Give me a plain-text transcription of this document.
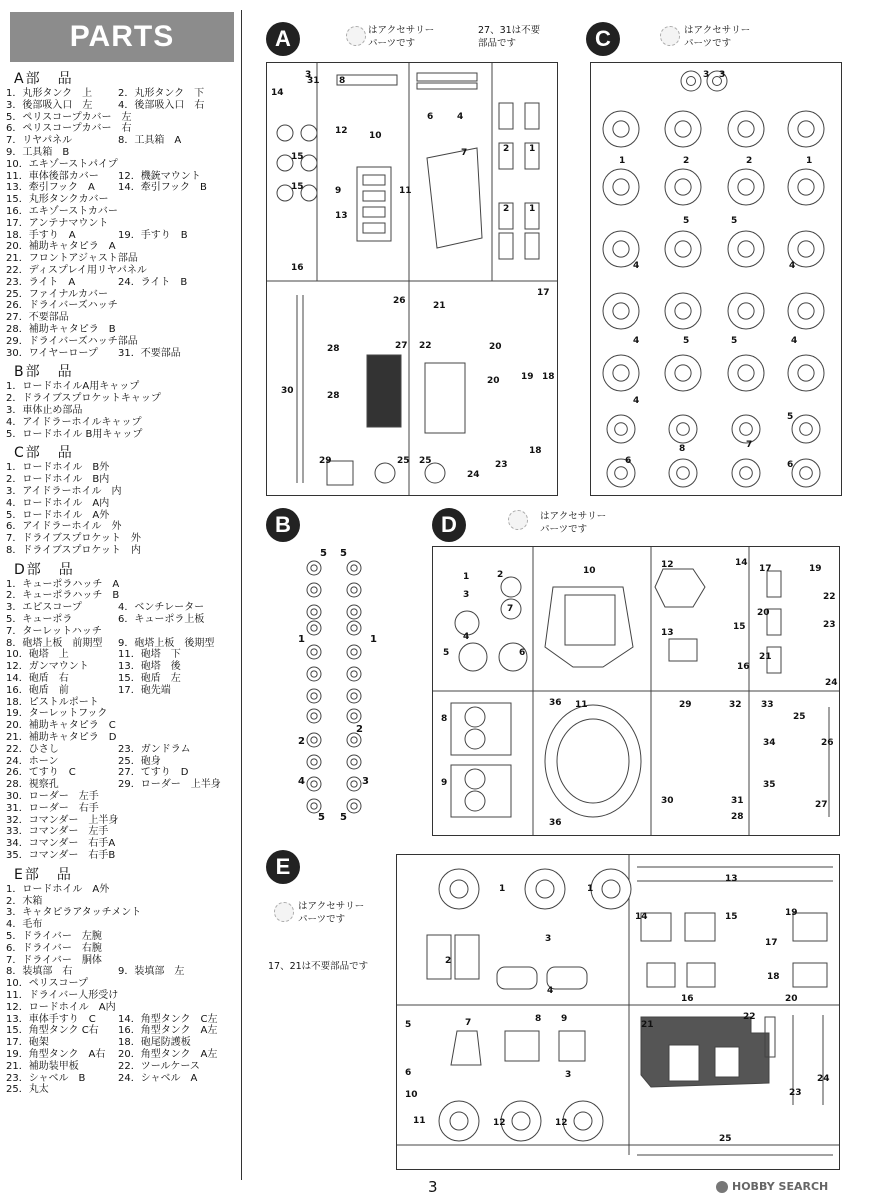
PARTS
A部　品
1．丸形タンク　上	2．丸形タンク　下
3．後部吸入口　左	4．後部吸入口　右
5．ペリスコープカバー　左
6．ペリスコープカバー　右
7．リヤパネル	8．工具箱　A
9．工具箱　B
10．エキゾーストパイプ
11．車体後部カバー	12．機銃マウント
13．牽引フック　A	14．牽引フック　B
15．丸形タンクカバー
16．エキゾーストカバー
17．アンテナマウント
18．手すり　A	19．手すり　B
20．補助キャタピラ　A
21．フロントアジャスト部品
22．ディスプレイ用リヤパネル
23．ライト　A	24．ライト　B
25．ファイナルカバー
26．ドライバーズハッチ
27．不要部品
28．補助キャタピラ　B
29．ドライバーズハッチ部品
30．ワイヤーロープ	31．不要部品
B部　品
1．ロードホイルA用キャップ
2．ドライブスプロケットキャップ
3．車体止め部品
4．アイドラーホイルキャップ
5．ロードホイル B用キャップ
C部　品
1．ロードホイル　B外
2．ロードホイル　B内
3．アイドラーホイル　内
4．ロードホイル　A内
5．ロードホイル　A外
6．アイドラーホイル　外
7．ドライブスプロケット　外
8．ドライブスプロケット　内
D部　品
1．キューポラハッチ　A
2．キューポラハッチ　B
3．エピスコープ	4．ベンチレーター
5．キューポラ	6．キューポラ上板
7．ターレットハッチ
8．砲塔上板　前期型	9．砲塔上板　後期型
10．砲塔　上	11．砲塔　下
12．ガンマウント	13．砲塔　後
14．砲盾　右	15．砲盾　左
16．砲盾　前	17．砲先端
18．ピストルポート
19．ターレットフック
20．補助キャタピラ　C
21．補助キャタピラ　D
22．ひさし	23．ガンドラム
24．ホーン	25．砲身
26．てすり　C	27．てすり　D
28．視察孔	29．ローダー　上半身
30．ローダー　左手
31．ローダー　右手
32．コマンダー　上半身
33．コマンダー　左手
34．コマンダー　右手A
35．コマンダー　右手B
E部　品
1．ロードホイル　A外
2．木箱
3．キャタピラアタッチメント
4．毛布
5．ドライバー　左腕
6．ドライバー　右腕
7．ドライバー　胴体
8．装填部　右	9．装填部　左
10．ペリスコープ
11．ドライバー人形受け
12．ロードホイル　A内
13．車体手すり　C	14．角型タンク　C左
15．角型タンク C右	16．角型タンク　A左
17．砲架	18．砲尾防護板
19．角型タンク　A右	20．角型タンク　A左
21．補助装甲板	22．ツールケース
23．シャベル　B	24．シャベル　A
25．丸太
A	はアクセサリー
パーツです
27、31は不要
部品です
14
31 8
6	4
12 10
7	2 1
15
15	11
9
13
2 1
16
26	21
17
28	27 22	20
20
30	28
19 18
18
29	25 25
24
23
3
C	はアクセサリー
パーツです
3 3
1	2	2	1
5	5
4	4
4	5	5	4
4
8	7
5
6	6
B
5 5
1	1
2
2
4	3
5 5
D	はアクセサリー
パーツです
1	2
3
7
4
5	6
10
12	14
13
15
16
17	19
20
22
23
21
24
8
9
36 11	29	32 33
25
34	26
30	31
28
35
27
36
E
はアクセサリー
パーツです
17、21は不要部品です
1	1
3
2
4
13
14	15
17
19
18
16	20
21
22
5	7	8 9
3
6
10
11	12	12
23
24
25
3	HOBBY SEARCH
